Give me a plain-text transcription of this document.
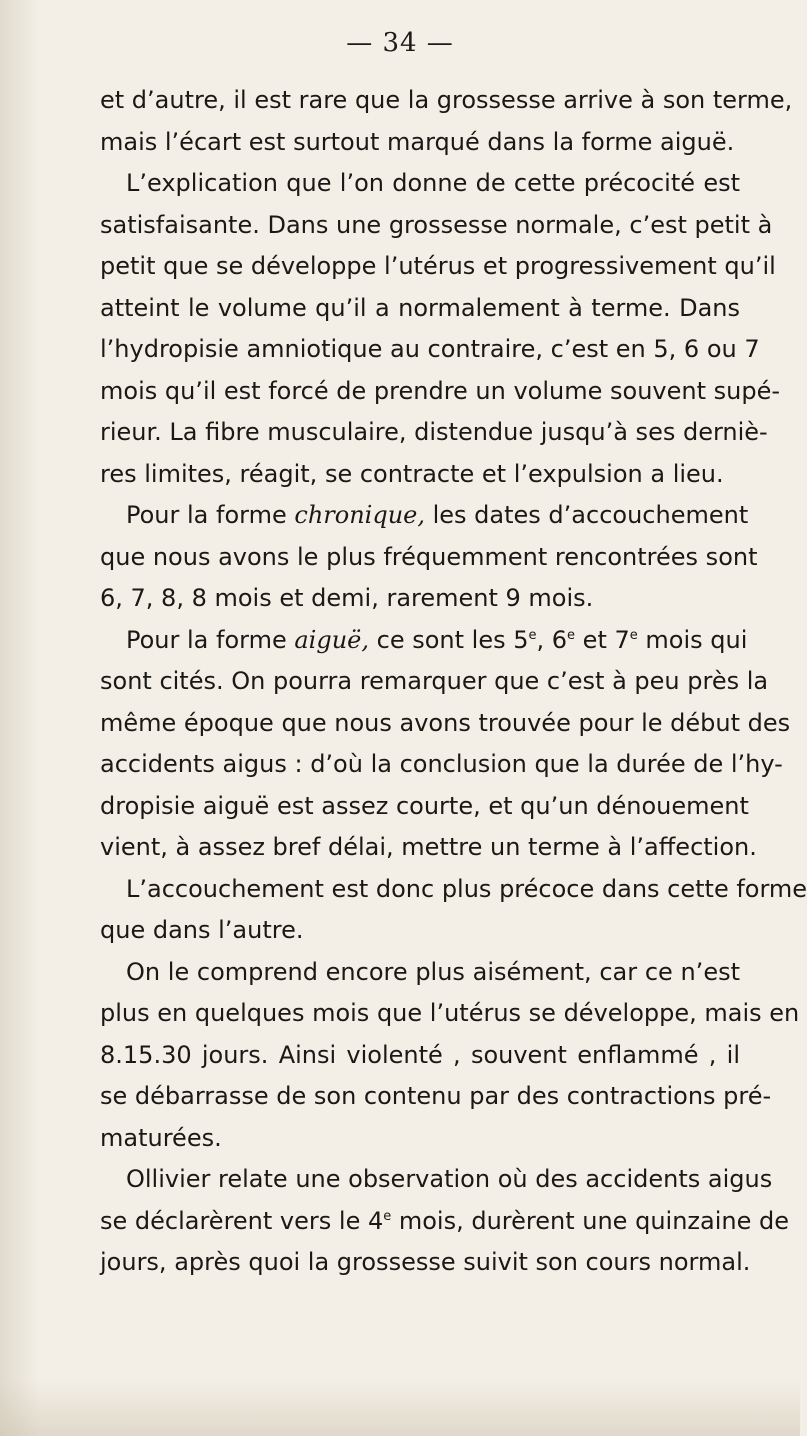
— 34 —
et d’autre, il est rare que la grossesse arrive à son terme,
mais l’écart est surtout marqué dans la forme aiguë.
L’explication que l’on donne de cette précocité est
satisfaisante. Dans une grossesse normale, c’est petit à
petit que se développe l’utérus et progressivement qu’il
atteint le volume qu’il a normalement à terme. Dans
l’hydropisie amniotique au contraire, c’est en 5, 6 ou 7
mois qu’il est forcé de prendre un volume souvent supé-
rieur. La fibre musculaire, distendue jusqu’à ses derniè-
res limites, réagit, se contracte et l’expulsion a lieu.
Pour la forme chronique, les dates d’accouchement
que nous avons le plus fréquemment rencontrées sont
6, 7, 8, 8 mois et demi, rarement 9 mois.
Pour la forme aiguë, ce sont les 5e, 6e et 7e mois qui
sont cités. On pourra remarquer que c’est à peu près la
même époque que nous avons trouvée pour le début des
accidents aigus : d’où la conclusion que la durée de l’hy-
dropisie aiguë est assez courte, et qu’un dénouement
vient, à assez bref délai, mettre un terme à l’affection.
L’accouchement est donc plus précoce dans cette forme
que dans l’autre.
On le comprend encore plus aisément, car ce n’est
plus en quelques mois que l’utérus se développe, mais en
8.15.30 jours. Ainsi violenté , souvent enflammé , il
se débarrasse de son contenu par des contractions pré-
maturées.
Ollivier relate une observation où des accidents aigus
se déclarèrent vers le 4e mois, durèrent une quinzaine de
jours, après quoi la grossesse suivit son cours normal.
